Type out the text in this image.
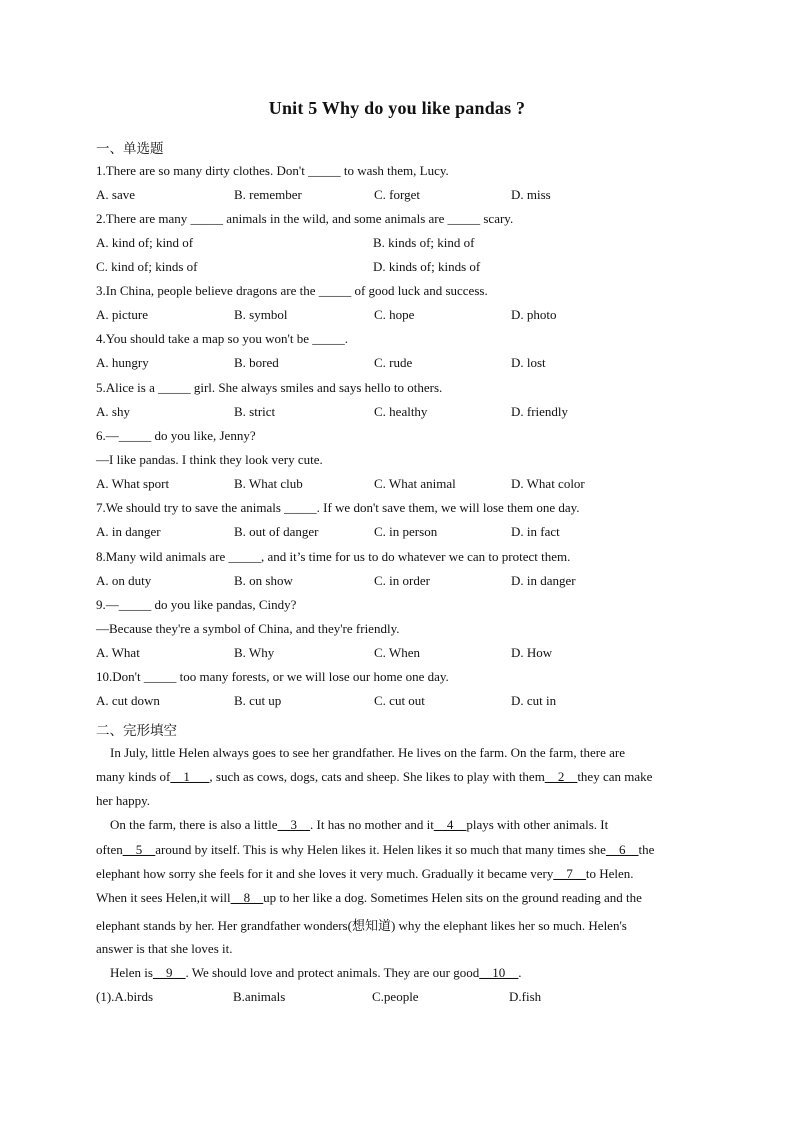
Unit 5 Why do you like pandas ?
一、单选题
1.There are so many dirty clothes. Don't _____ to wash them, Lucy.
A. save	B. remember	C. forget	D. miss
2.There are many _____ animals in the wild, and some animals are _____ scary.
A. kind of; kind of	B. kinds of; kind of
C. kind of; kinds of	D. kinds of; kinds of
3.In China, people believe dragons are the _____ of good luck and success.
A. picture	B. symbol	C. hope	D. photo
4.You should take a map so you won't be _____.
A. hungry	B. bored	C. rude	D. lost
5.Alice is a _____ girl. She always smiles and says hello to others.
A. shy	B. strict	C. healthy	D. friendly
6.—_____ do you like, Jenny?
—I like pandas. I think they look very cute.
A. What sport	B. What club	C. What animal	D. What color
7.We should try to save the animals _____. If we don't save them, we will lose them one day.
A. in danger	B. out of danger	C. in person	D. in fact
8.Many wild animals are _____, and it’s time for us to do whatever we can to protect them.
A. on duty	B. on show	C. in order	D. in danger
9.—_____ do you like pandas, Cindy?
—Because they're a symbol of China, and they're friendly.
A. What	B. Why	C. When	D. How
10.Don't _____ too many forests, or we will lose our home one day.
A. cut down	B. cut up	C. cut out	D. cut in
二、完形填空
In July, little Helen always goes to see her grandfather. He lives on the farm. On the farm, there are
many kinds of__1___, such as cows, dogs, cats and sheep. She likes to play with them__2__they can make
her happy.
On the farm, there is also a little__3__. It has no mother and it__4__plays with other animals. It
often__5__around by itself. This is why Helen likes it. Helen likes it so much that many times she__6__the
elephant how sorry she feels for it and she loves it very much. Gradually it became very__7__to Helen.
When it sees Helen,it will__8__up to her like a dog. Sometimes Helen sits on the ground reading and the
elephant stands by her. Her grandfather wonders(想知道) why the elephant likes her so much. Helen's
answer is that she loves it.
Helen is__9__. We should love and protect animals. They are our good__10__.
(1).A.birds	B.animals	C.people	D.fish
